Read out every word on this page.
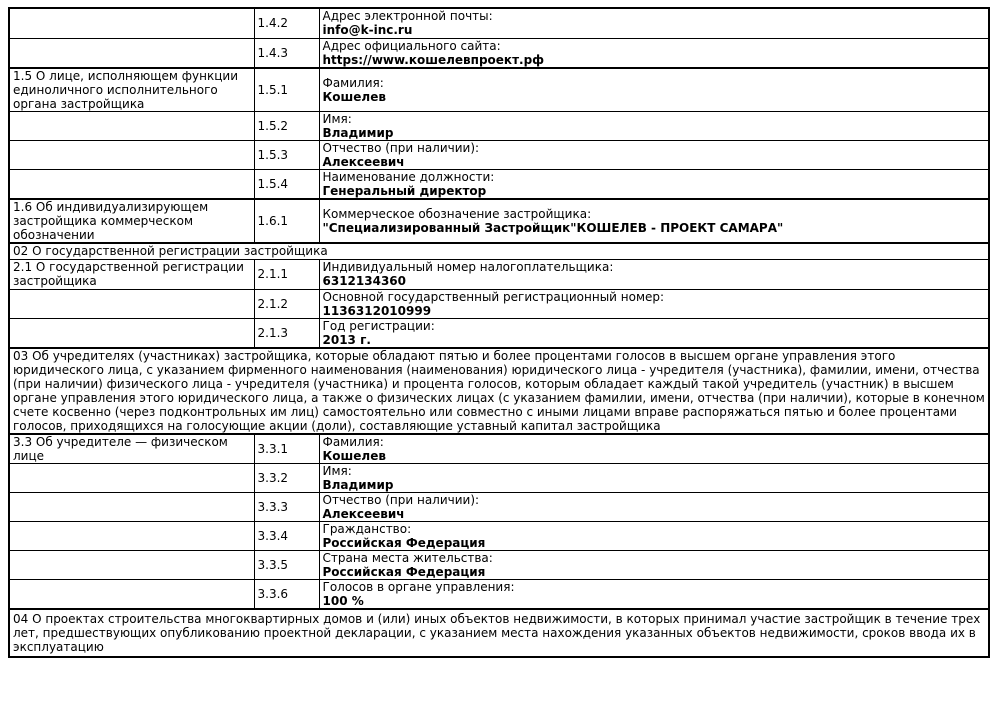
	1.4.2	Адрес электронной почты:
info@k-inc.ru

	1.4.3	Адрес официального сайта:
https://www.кошелевпроект.рф

1.5 О лице, исполняющем функции единоличного исполнительного органа застройщика	1.5.1	Фамилия:
Кошелев

	1.5.2	Имя:
Владимир

	1.5.3	Отчество (при наличии):
Алексеевич

	1.5.4	Наименование должности:
Генеральный директор

1.6 Об индивидуализирующем застройщика коммерческом обозначении	1.6.1	Коммерческое обозначение застройщика:
"Специализированный Застройщик"КОШЕЛЕВ - ПРОЕКТ САМАРА"

02 О государственной регистрации застройщика		
2.1 О государственной регистрации застройщика	2.1.1	Индивидуальный номер налогоплательщика:
6312134360

	2.1.2	Основной государственный регистрационный номер:
1136312010999

	2.1.3	Год регистрации:
2013 г.

03 Об учредителях (участниках) застройщика, которые обладают пятью и более процентами голосов в высшем органе управления этого юридического лица, с указанием фирменного наименования (наименования) юридического лица - учредителя (участника), фамилии, имени, отчества (при наличии) физического лица - учредителя (участника) и процента голосов, которым обладает каждый такой учредитель (участник) в высшем органе управления этого юридического лица, а также о физических лицах (с указанием фамилии, имени, отчества (при наличии), которые в конечном счете косвенно (через подконтрольных им лиц) самостоятельно или совместно с иными лицами вправе распоряжаться пятью и более процентами голосов, приходящихся на голосующие акции (доли), составляющие уставный капитал застройщика		
3.3 Об учредителе — физическом лице	3.3.1	Фамилия:
Кошелев

	3.3.2	Имя:
Владимир

	3.3.3	Отчество (при наличии):
Алексеевич

	3.3.4	Гражданство:
Российская Федерация

	3.3.5	Страна места жительства:
Российская Федерация

	3.3.6	Голосов в органе управления:
100 %

04 О проектах строительства многоквартирных домов и (или) иных объектов недвижимости, в которых принимал участие застройщик в течение трех лет, предшествующих опубликованию проектной декларации, с указанием места нахождения указанных объектов недвижимости, сроков ввода их в эксплуатацию		
